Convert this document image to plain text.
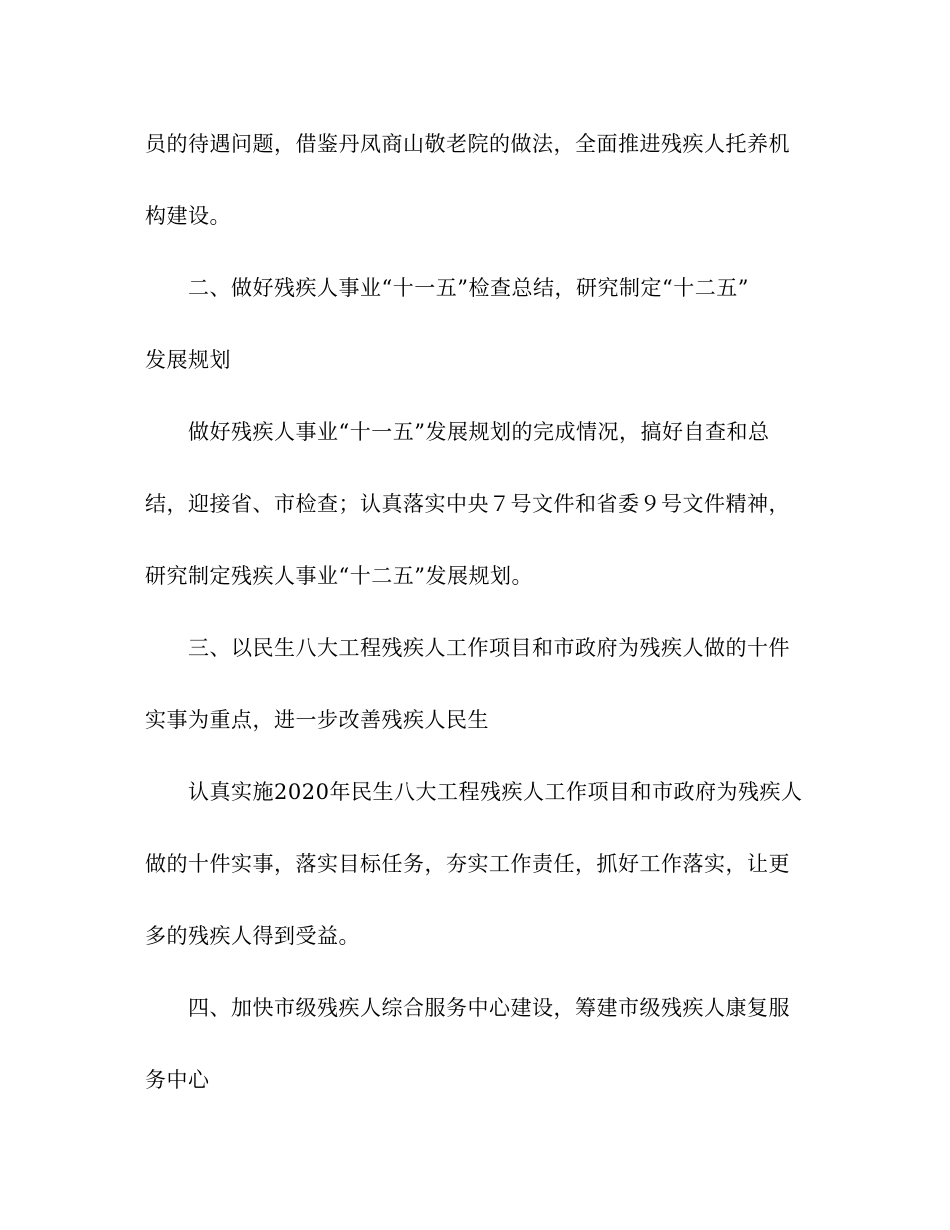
员的待遇问题，借鉴丹凤商山敬老院的做法，全面推进残疾人托养机
构建设。
二、做好残疾人事业“十一五”检查总结，研究制定“十二五”
发展规划
做好残疾人事业“十一五”发展规划的完成情况，搞好自查和总
结，迎接省、市检查；认真落实中央７号文件和省委９号文件精神，
研究制定残疾人事业“十二五”发展规划。
三、以民生八大工程残疾人工作项目和市政府为残疾人做的十件
实事为重点，进一步改善残疾人民生
认真实施2020年民生八大工程残疾人工作项目和市政府为残疾人
做的十件实事，落实目标任务，夯实工作责任，抓好工作落实，让更
多的残疾人得到受益。
四、加快市级残疾人综合服务中心建设，筹建市级残疾人康复服
务中心
